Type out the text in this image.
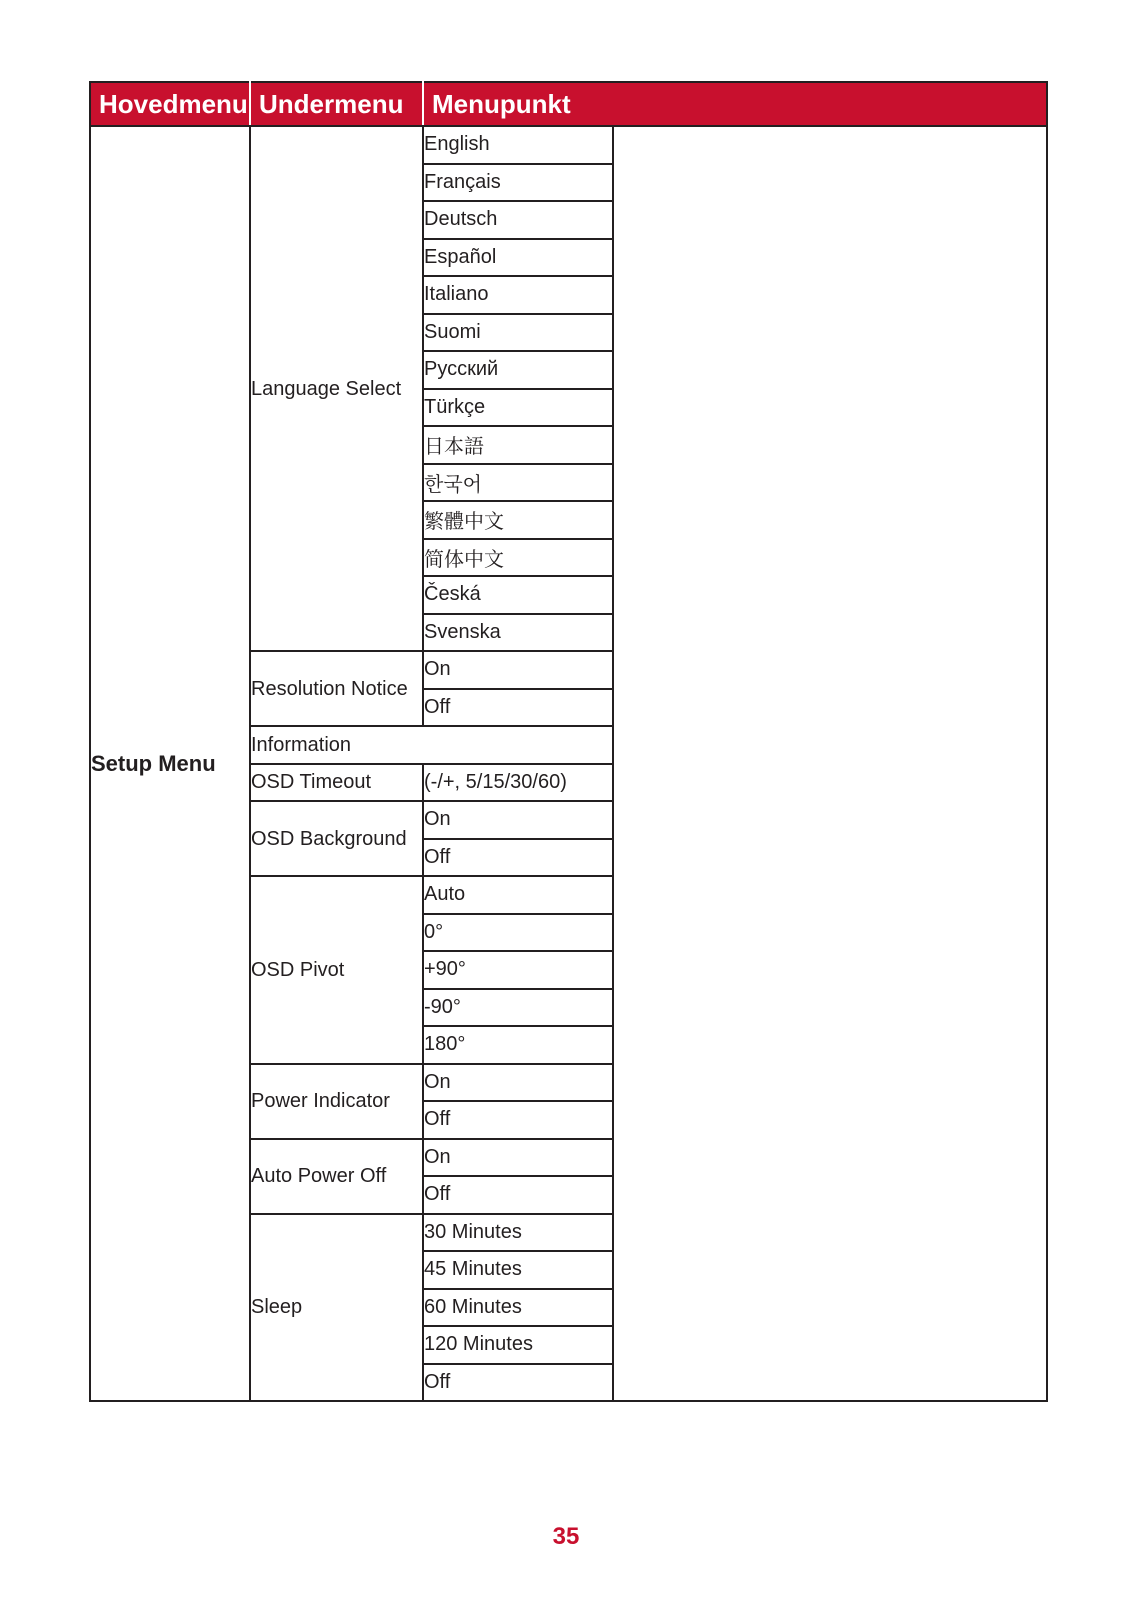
Hovedmenu	Undermenu	Menupunkt	
Setup Menu	Language Select	English	
		Français	
		Deutsch	
		Español	
		Italiano	
		Suomi	
		Русский	
		Türkçe	
		日本語	
		한국어	
		繁體中文	
		简体中文	
		Česká	
		Svenska	
	Resolution Notice	On	
		Off	
	Information		
	OSD Timeout	(-/+, 5/15/30/60)	
	OSD Background	On	
		Off	
	OSD Pivot	Auto	
		0°	
		+90°	
		-90°	
		180°	
	Power Indicator	On	
		Off	
	Auto Power Off	On	
		Off	
	Sleep	30 Minutes	
		45 Minutes	
		60 Minutes	
		120 Minutes	
		Off	
35
